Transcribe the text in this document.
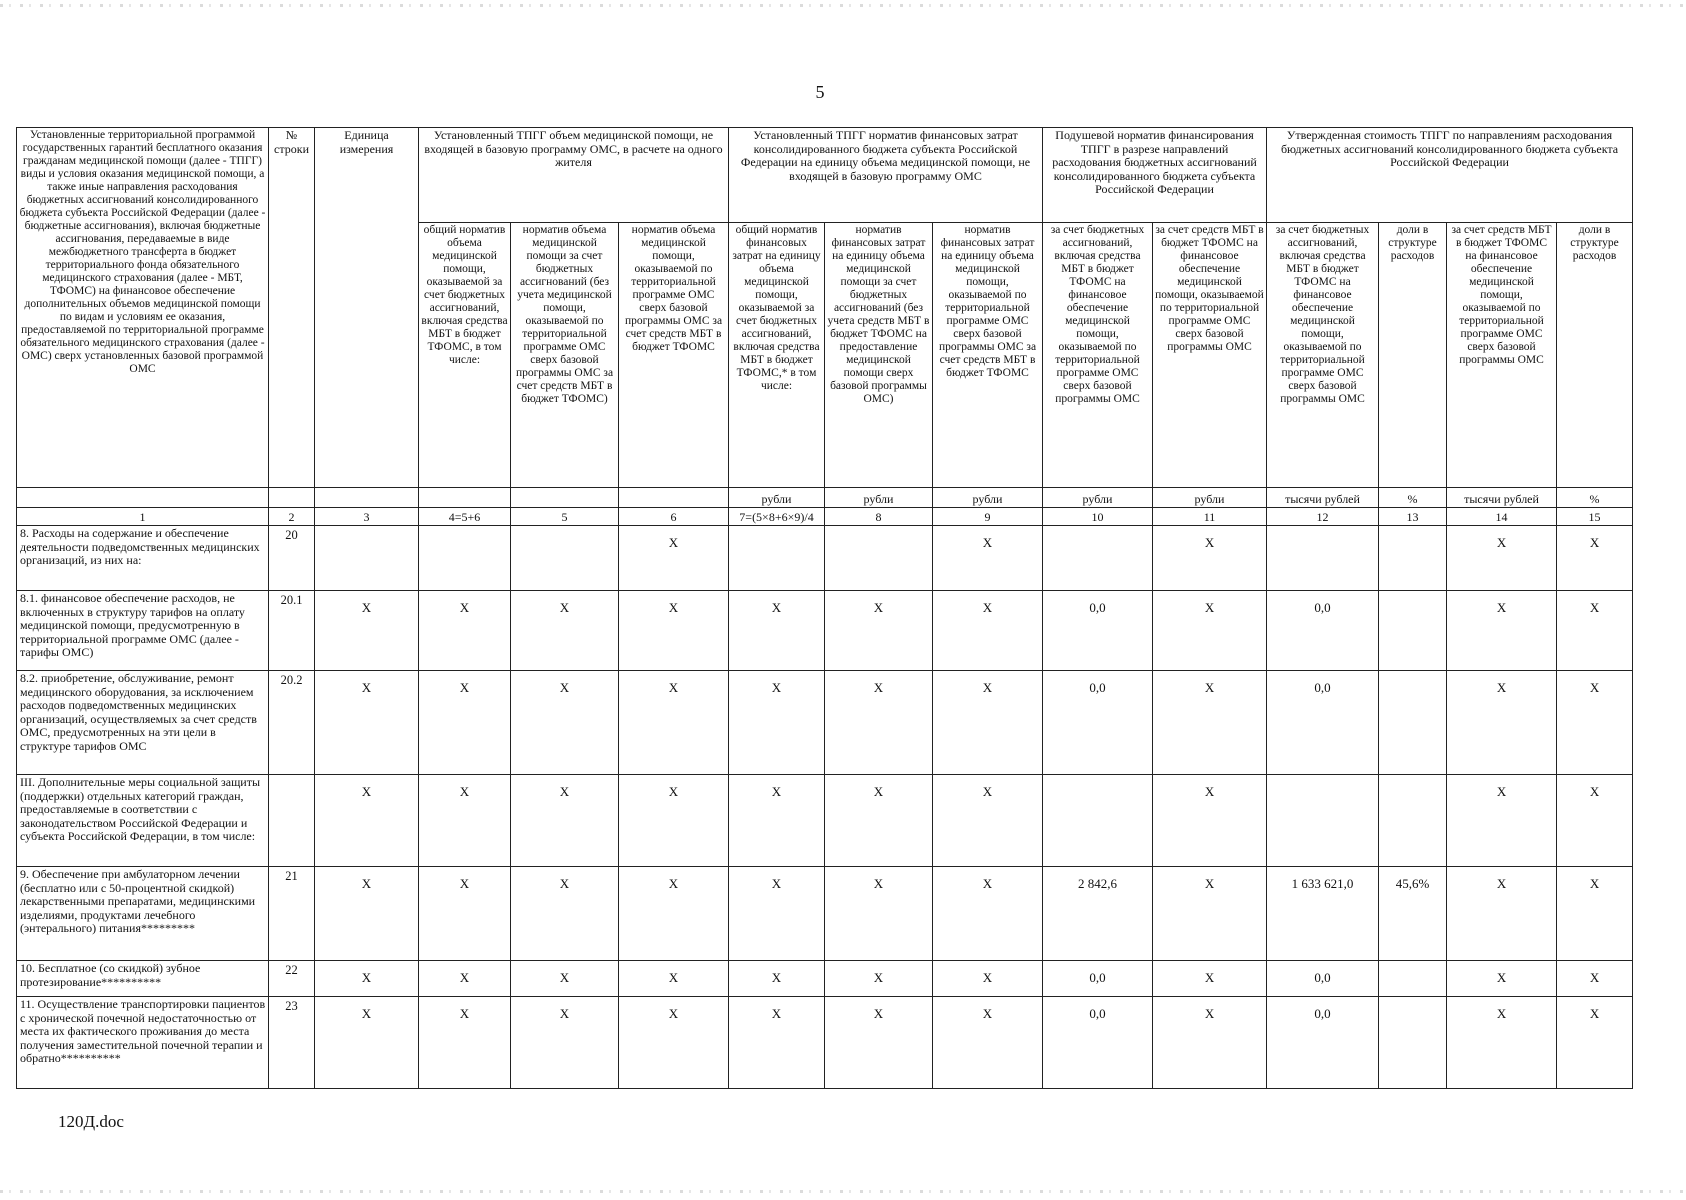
5
Установленные территориальной программой государственных гарантий бесплатного оказания гражданам медицинской помощи (далее - ТПГГ) виды и условия оказания медицинской помощи, а также иные направления расходования бюджетных ассигнований консолидированного бюджета субъекта Российской Федерации (далее - бюджетные ассигнования), включая бюджетные ассигнования, передаваемые в виде межбюджетного трансферта в бюджет территориального фонда обязательного медицинского страхования (далее - МБТ, ТФОМС) на финансовое обеспечение дополнительных объемов медицинской помощи по видам и условиям ее оказания, предоставляемой по территориальной программе обязательного медицинского страхования (далее - ОМС) сверх установленных базовой программой ОМС	№ строки	Единица измерения	Установленный ТПГГ объем медицинской помощи, не входящей в базовую программу ОМС, в расчете на одного жителя			Установленный ТПГГ норматив финансовых затрат консолидированного бюджета субъекта Российской Федерации на единицу объема медицинской помощи, не входящей в базовую программу ОМС			Подушевой норматив финансирования ТПГГ в разрезе направлений расходования бюджетных ассигнований консолидированного бюджета субъекта Российской Федерации		Утвержденная стоимость ТПГГ по направлениям расходования бюджетных ассигнований консолидированного бюджета субъекта Российской Федерации			
			общий норматив объема медицинской помощи, оказываемой за счет бюджетных ассигнований, включая средства МБТ в бюджет ТФОМС, в том числе:	норматив объема медицинской помощи за счет бюджетных ассигнований (без учета медицинской помощи, оказываемой по территориальной программе ОМС сверх базовой программы ОМС за счет средств МБТ в бюджет ТФОМС)	норматив объема медицинской помощи, оказываемой по территориальной программе ОМС сверх базовой программы ОМС за счет средств МБТ в бюджет ТФОМС	общий норматив финансовых затрат на единицу объема медицинской помощи, оказываемой за счет бюджетных ассигнований, включая средства МБТ в бюджет ТФОМС,* в том числе:	норматив финансовых затрат на единицу объема медицинской помощи за счет бюджетных ассигнований (без учета средств МБТ в бюджет ТФОМС на предоставление медицинской помощи сверх базовой программы ОМС)	норматив финансовых затрат на единицу объема медицинской помощи, оказываемой по территориальной программе ОМС сверх базовой программы ОМС за счет средств МБТ в бюджет ТФОМС	за счет бюджетных ассигнований, включая средства МБТ в бюджет ТФОМС на финансовое обеспечение медицинской помощи, оказываемой по территориальной программе ОМС сверх базовой программы ОМС	за счет средств МБТ в бюджет ТФОМС на финансовое обеспечение медицинской помощи, оказываемой по территориальной программе ОМС сверх базовой программы ОМС	за счет бюджетных ассигнований, включая средства МБТ в бюджет ТФОМС на финансовое обеспечение медицинской помощи, оказываемой по территориальной программе ОМС сверх базовой программы ОМС	доли в структуре расходов	за счет средств МБТ в бюджет ТФОМС на финансовое обеспечение медицинской помощи, оказываемой по территориальной программе ОМС сверх базовой программы ОМС	доли в структуре расходов
						рубли	рубли	рубли	рубли	рубли	тысячи рублей	%	тысячи рублей	%
1	2	3	4=5+6	5	6	7=(5×8+6×9)/4	8	9	10	11	12	13	14	15
8. Расходы на содержание и обеспечение деятельности подведомственных медицинских организаций, из них на:	20				X			X		X			X	X
8.1. финансовое обеспечение расходов, не включенных в структуру тарифов на оплату медицинской помощи, предусмотренную в территориальной программе ОМС (далее - тарифы ОМС)	20.1	X	X	X	X	X	X	X	0,0	X	0,0		X	X
8.2. приобретение, обслуживание, ремонт медицинского оборудования, за исключением расходов подведомственных медицинских организаций, осуществляемых за счет средств ОМС, предусмотренных на эти цели в структуре тарифов ОМС	20.2	X	X	X	X	X	X	X	0,0	X	0,0		X	X
III. Дополнительные меры социальной защиты (поддержки) отдельных категорий граждан, предоставляемые в соответствии с законодательством Российской Федерации и субъекта Российской Федерации, в том числе:		X	X	X	X	X	X	X		X			X	X
9. Обеспечение при амбулаторном лечении (бесплатно или с 50-процентной скидкой) лекарственными препаратами, медицинскими изделиями, продуктами лечебного (энтерального) питания*********	21	X	X	X	X	X	X	X	2 842,6	X	1 633 621,0	45,6%	X	X
10. Бесплатное (со скидкой) зубное протезирование**********	22	X	X	X	X	X	X	X	0,0	X	0,0		X	X
11. Осуществление транспортировки пациентов с хронической почечной недостаточностью от места их фактического проживания до места получения заместительной почечной терапии и обратно**********	23	X	X	X	X	X	X	X	0,0	X	0,0		X	X
120Д.doc
